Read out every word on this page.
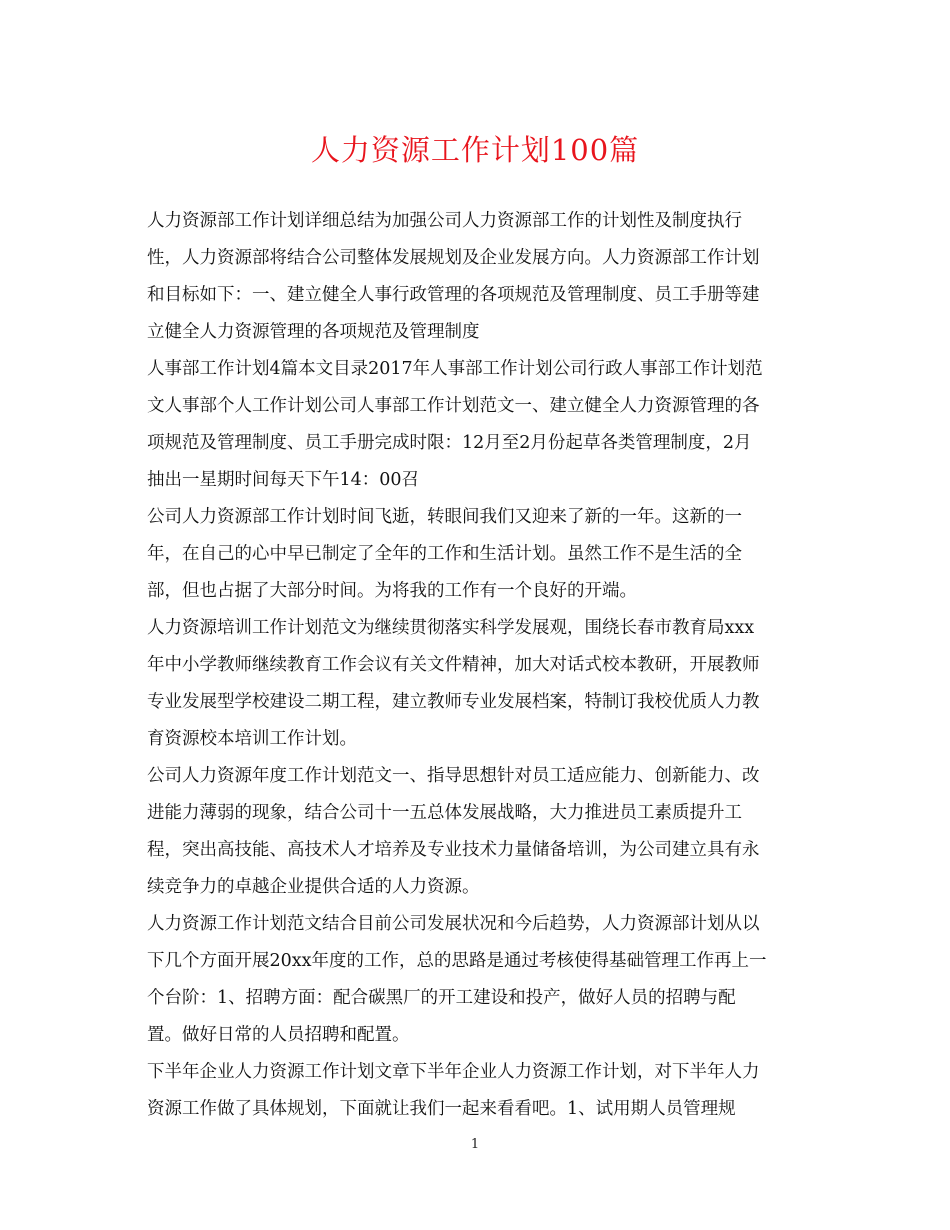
人力资源工作计划100篇

人力资源部工作计划详细总结为加强公司人力资源部工作的计划性及制度执行
性，人力资源部将结合公司整体发展规划及企业发展方向。人力资源部工作计划
和目标如下：一、建立健全人事行政管理的各项规范及管理制度、员工手册等建
立健全人力资源管理的各项规范及管理制度

人事部工作计划4篇本文目录2017年人事部工作计划公司行政人事部工作计划范
文人事部个人工作计划公司人事部工作计划范文一、建立健全人力资源管理的各
项规范及管理制度、员工手册完成时限：12月至2月份起草各类管理制度，2月
抽出一星期时间每天下午14：00召

公司人力资源部工作计划时间飞逝，转眼间我们又迎来了新的一年。这新的一
年，在自己的心中早已制定了全年的工作和生活计划。虽然工作不是生活的全
部，但也占据了大部分时间。为将我的工作有一个良好的开端。

人力资源培训工作计划范文为继续贯彻落实科学发展观，围绕长春市教育局xxx
年中小学教师继续教育工作会议有关文件精神，加大对话式校本教研，开展教师
专业发展型学校建设二期工程，建立教师专业发展档案，特制订我校优质人力教
育资源校本培训工作计划。

公司人力资源年度工作计划范文一、指导思想针对员工适应能力、创新能力、改
进能力薄弱的现象，结合公司十一五总体发展战略，大力推进员工素质提升工
程，突出高技能、高技术人才培养及专业技术力量储备培训，为公司建立具有永
续竞争力的卓越企业提供合适的人力资源。

人力资源工作计划范文结合目前公司发展状况和今后趋势，人力资源部计划从以
下几个方面开展20xx年度的工作，总的思路是通过考核使得基础管理工作再上一
个台阶：1、招聘方面：配合碳黑厂的开工建设和投产，做好人员的招聘与配
置。做好日常的人员招聘和配置。

下半年企业人力资源工作计划文章下半年企业人力资源工作计划，对下半年人力
资源工作做了具体规划，下面就让我们一起来看看吧。1、试用期人员管理规

1
